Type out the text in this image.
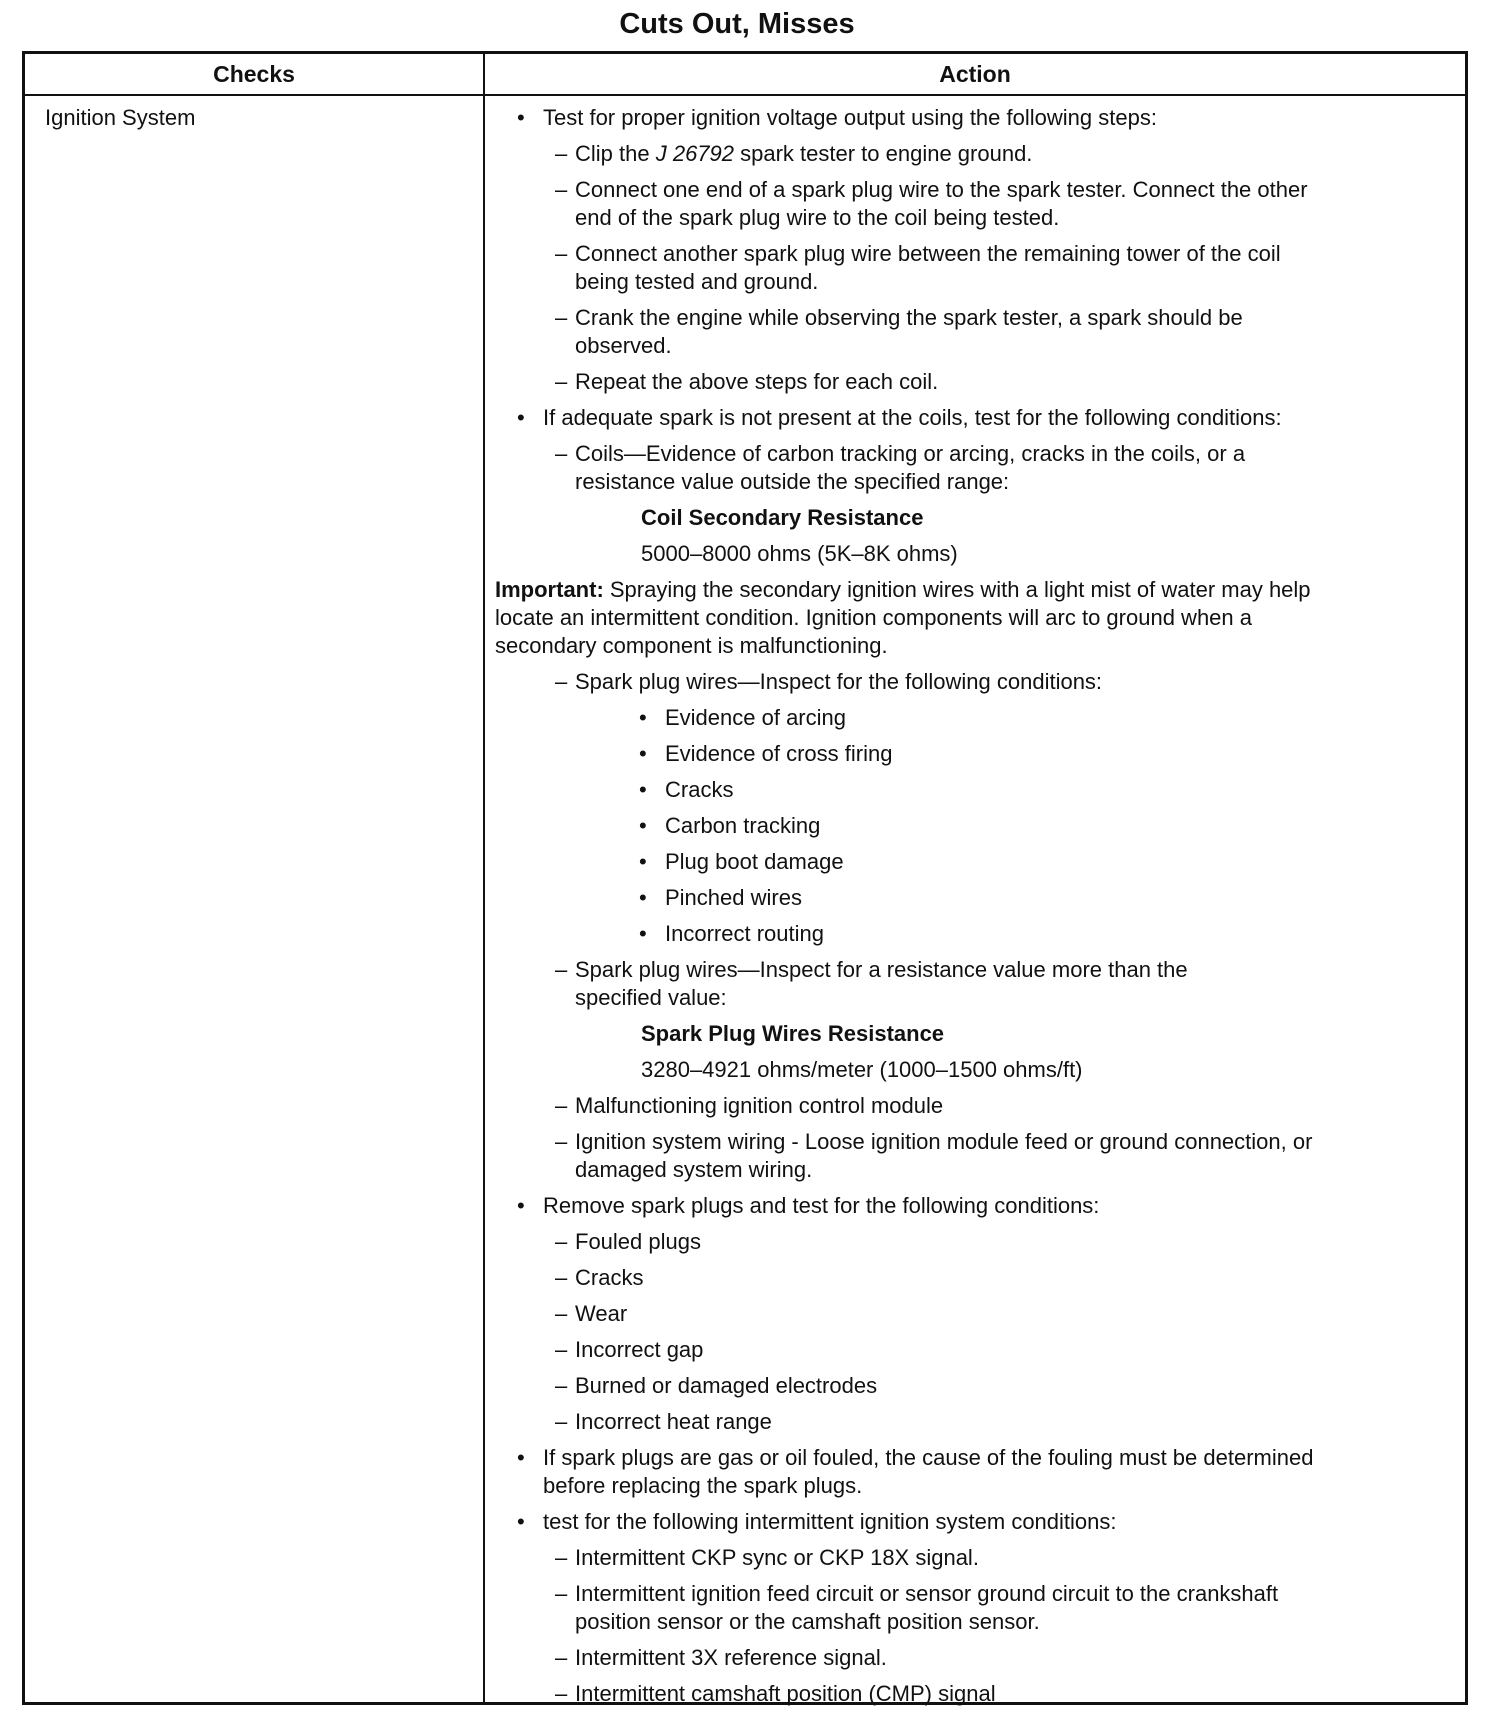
Cuts Out, Misses
Checks	Action
Ignition System	• Test for proper ignition voltage output using the following steps:
– Clip the J 26792 spark tester to engine ground.
– Connect one end of a spark plug wire to the spark tester. Connect the other
end of the spark plug wire to the coil being tested.
– Connect another spark plug wire between the remaining tower of the coil
being tested and ground.
– Crank the engine while observing the spark tester, a spark should be
observed.
– Repeat the above steps for each coil.
• If adequate spark is not present at the coils, test for the following conditions:
– Coils—Evidence of carbon tracking or arcing, cracks in the coils, or a
resistance value outside the specified range:
Coil Secondary Resistance
5000–8000 ohms (5K–8K ohms)
Important: Spraying the secondary ignition wires with a light mist of water may help
locate an intermittent condition. Ignition components will arc to ground when a
secondary component is malfunctioning.
– Spark plug wires—Inspect for the following conditions:
• Evidence of arcing
• Evidence of cross firing
• Cracks
• Carbon tracking
• Plug boot damage
• Pinched wires
• Incorrect routing
– Spark plug wires—Inspect for a resistance value more than the
specified value:
Spark Plug Wires Resistance
3280–4921 ohms/meter (1000–1500 ohms/ft)
– Malfunctioning ignition control module
– Ignition system wiring - Loose ignition module feed or ground connection, or
damaged system wiring.
• Remove spark plugs and test for the following conditions:
– Fouled plugs
– Cracks
– Wear
– Incorrect gap
– Burned or damaged electrodes
– Incorrect heat range
• If spark plugs are gas or oil fouled, the cause of the fouling must be determined
before replacing the spark plugs.
• test for the following intermittent ignition system conditions:
– Intermittent CKP sync or CKP 18X signal.
– Intermittent ignition feed circuit or sensor ground circuit to the crankshaft
position sensor or the camshaft position sensor.
– Intermittent 3X reference signal.
– Intermittent camshaft position (CMP) signal
